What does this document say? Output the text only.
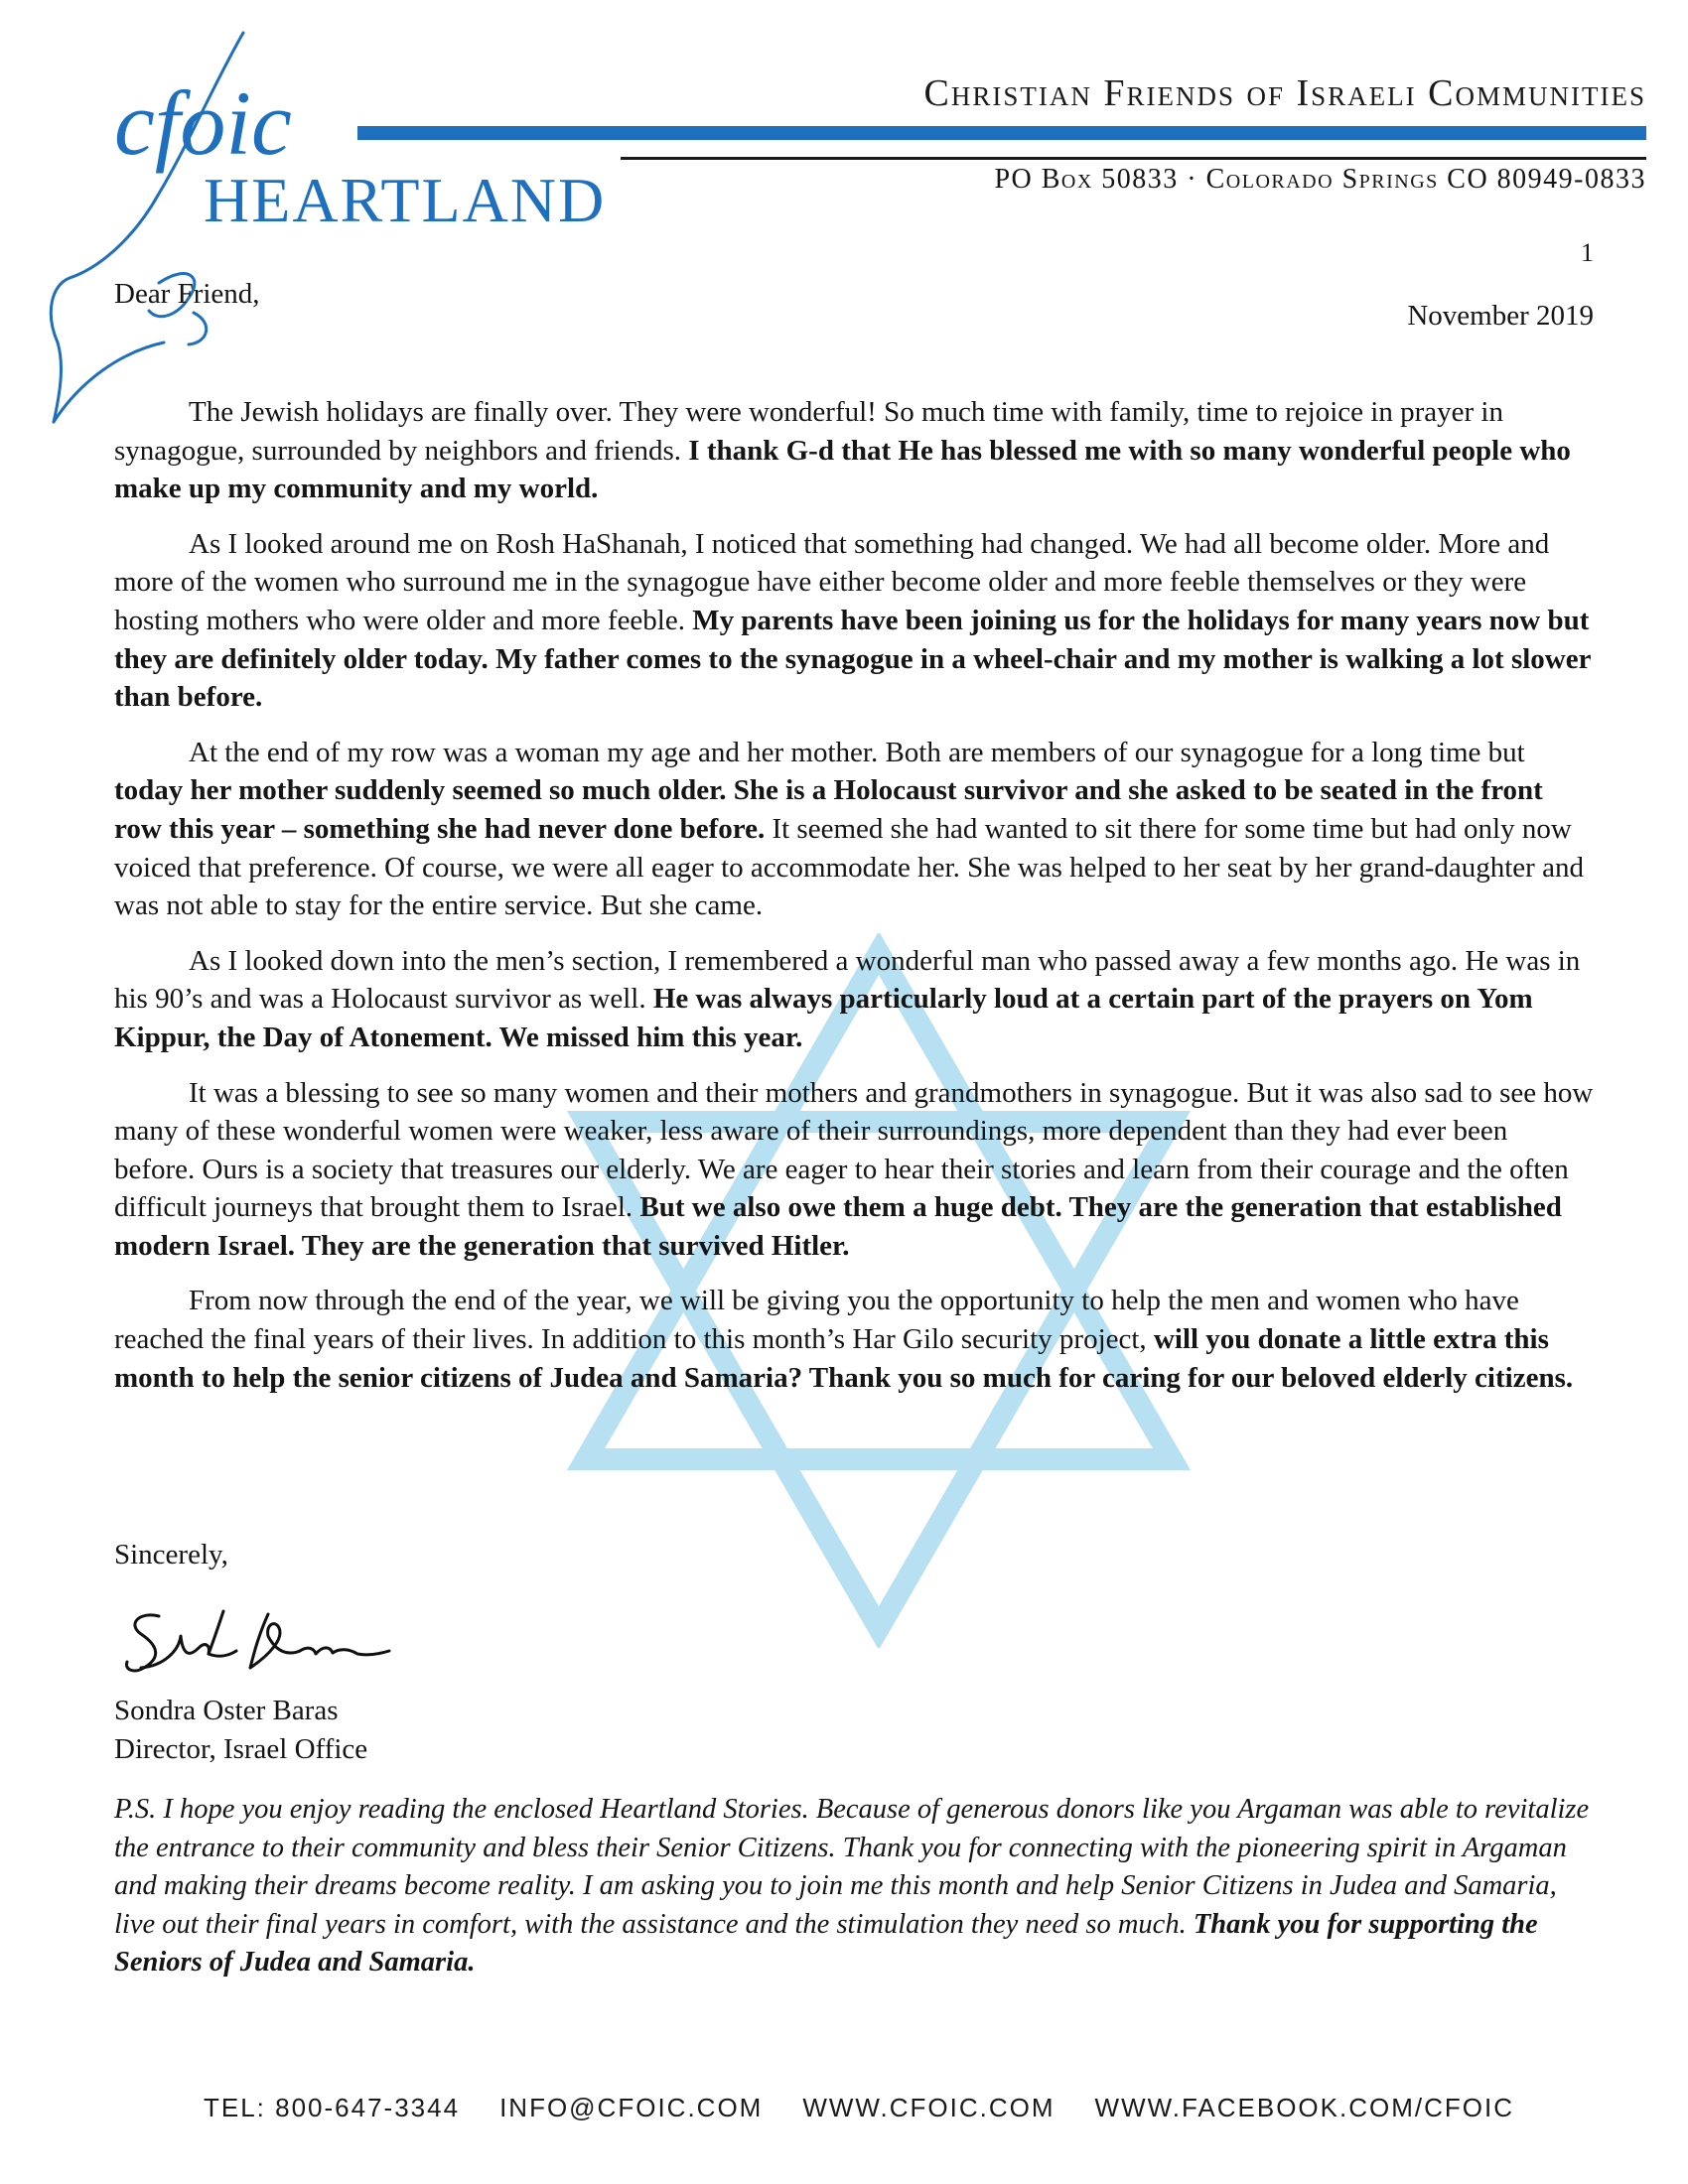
cfoic
HEARTLAND
Christian Friends of Israeli Communities
PO Box 50833 · Colorado Springs CO 80949-0833
1
Dear Friend,
November 2019

The Jewish holidays are finally over. They were wonderful! So much time with family, time to rejoice in prayer in synagogue, surrounded by neighbors and friends. I thank G-d that He has blessed me with so many wonderful people who make up my community and my world.

As I looked around me on Rosh HaShanah, I noticed that something had changed. We had all become older. More and more of the women who surround me in the synagogue have either become older and more feeble themselves or they were hosting mothers who were older and more feeble. My parents have been joining us for the holidays for many years now but they are definitely older today. My father comes to the synagogue in a wheel-chair and my mother is walking a lot slower than before.

At the end of my row was a woman my age and her mother. Both are members of our synagogue for a long time but today her mother suddenly seemed so much older. She is a Holocaust survivor and she asked to be seated in the front row this year – something she had never done before. It seemed she had wanted to sit there for some time but had only now voiced that preference. Of course, we were all eager to accommodate her. She was helped to her seat by her grand-daughter and was not able to stay for the entire service. But she came.

As I looked down into the men’s section, I remembered a wonderful man who passed away a few months ago. He was in his 90’s and was a Holocaust survivor as well. He was always particularly loud at a certain part of the prayers on Yom Kippur, the Day of Atonement. We missed him this year.

It was a blessing to see so many women and their mothers and grandmothers in synagogue. But it was also sad to see how many of these wonderful women were weaker, less aware of their surroundings, more dependent than they had ever been before. Ours is a society that treasures our elderly. We are eager to hear their stories and learn from their courage and the often difficult journeys that brought them to Israel. But we also owe them a huge debt. They are the generation that established modern Israel. They are the generation that survived Hitler.

From now through the end of the year, we will be giving you the opportunity to help the men and women who have reached the final years of their lives. In addition to this month’s Har Gilo security project, will you donate a little extra this month to help the senior citizens of Judea and Samaria? Thank you so much for caring for our beloved elderly citizens.

Sincerely,
Sondra Oster Baras
Director, Israel Office

P.S. I hope you enjoy reading the enclosed Heartland Stories. Because of generous donors like you Argaman was able to revitalize the entrance to their community and bless their Senior Citizens. Thank you for connecting with the pioneering spirit in Argaman and making their dreams become reality. I am asking you to join me this month and help Senior Citizens in Judea and Samaria, live out their final years in comfort, with the assistance and the stimulation they need so much. Thank you for supporting the Seniors of Judea and Samaria.

TEL: 800-647-3344 INFO@CFOIC.COM WWW.CFOIC.COM WWW.FACEBOOK.COM/CFOIC
